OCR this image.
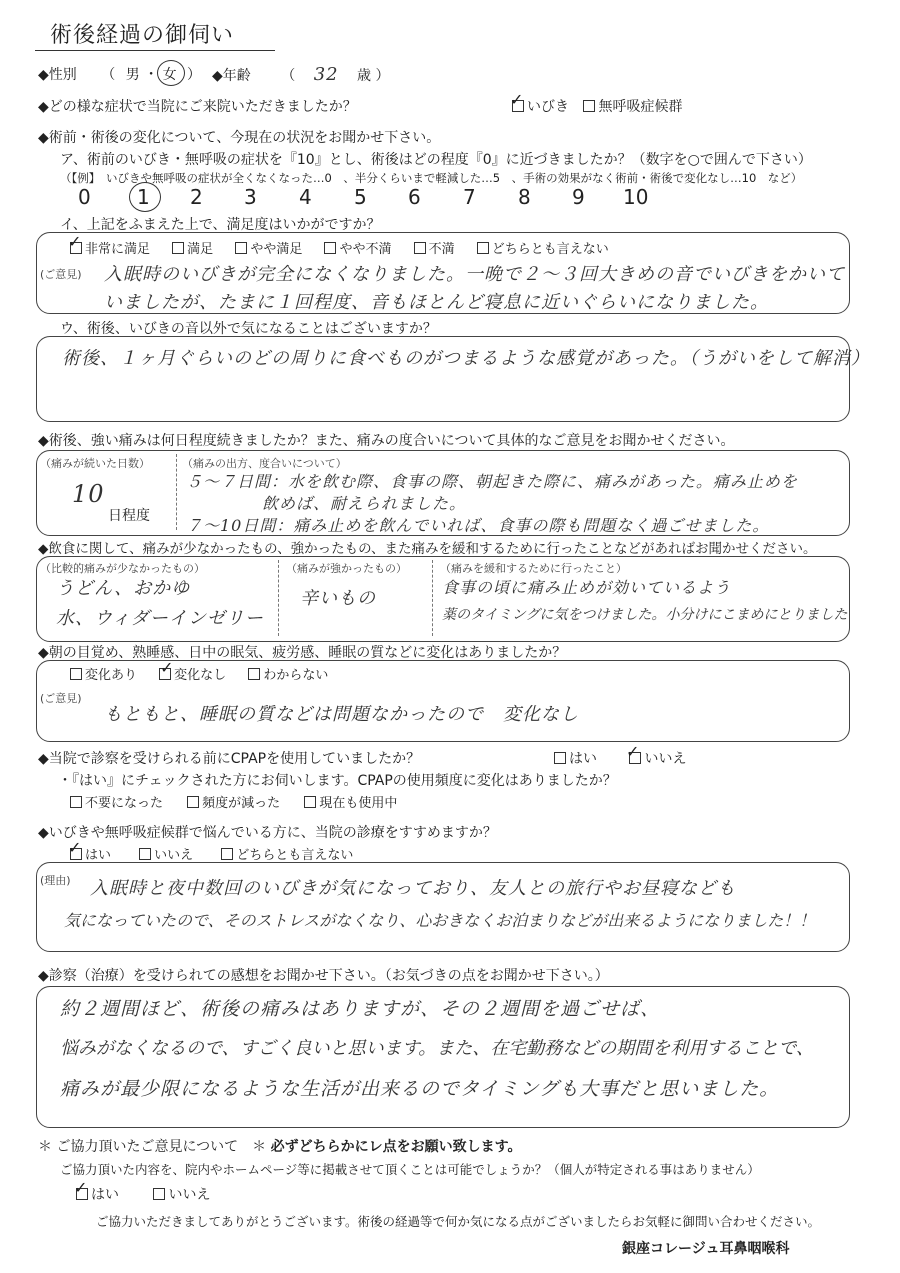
術後経過の御伺い
◆性別 （ 男 ・ 女 ） ◆年齢 （ 32 歳 ）
◆どの様な症状で当院にご来院いただきましたか？	いびき 無呼吸症候群
✓
◆術前・術後の変化について、今現在の状況をお聞かせ下さい。
ア、術前のいびき・無呼吸の症状を『10』とし、術後はどの程度『0』に近づきましたか？（数字を○で囲んで下さい）
（【例】　いびきや無呼吸の症状が全くなくなった…0　、半分くらいまで軽減した…5　、手術の効果がなく術前・術後で変化なし…10　など）
0 1 2 3 4 5 6 7 8 9 10
イ、上記をふまえた上で、満足度はいかがですか？
非常に満足	満足	やや満足	やや不満	不満	どちらとも言えない
✓
(ご意見) 入眠時のいびきが完全になくなりました。一晩で２〜３回大きめの音でいびきをかいて
いましたが、たまに１回程度、音もほとんど寝息に近いぐらいになりました。
ウ、術後、いびきの音以外で気になることはございますか？
術後、１ヶ月ぐらいのどの周りに食べものがつまるような感覚があった。（うがいをして解消）
◆術後、強い痛みは何日程度続きましたか？また、痛みの度合いについて具体的なご意見をお聞かせください。
（痛みが続いた日数）
10
日程度
（痛みの出方、度合いについて）
５〜７日間：水を飲む際、食事の際、朝起きた際に、痛みがあった。痛み止めを
飲めば、耐えられました。
７〜10日間：痛み止めを飲んでいれば、食事の際も問題なく過ごせました。
◆飲食に関して、痛みが少なかったもの、強かったもの、また痛みを緩和するために行ったことなどがあればお聞かせください。
（比較的痛みが少なかったもの）
うどん、おかゆ
水、ウィダーインゼリー
（痛みが強かったもの）
辛いもの
（痛みを緩和するために行ったこと）
食事の頃に痛み止めが効いているよう
薬のタイミングに気をつけました。小分けにこまめにとりました
◆朝の目覚め、熟睡感、日中の眠気、疲労感、睡眠の質などに変化はありましたか？
変化あり	変化なし	わからない
✓
(ご意見)
もともと、睡眠の質などは問題なかったので　変化なし
◆当院で診察を受けられる前にCPAPを使用していましたか？	はい	いいえ
✓
・『はい』にチェックされた方にお伺いします。CPAPの使用頻度に変化はありましたか？
不要になった	頻度が減った	現在も使用中
◆いびきや無呼吸症候群で悩んでいる方に、当院の診療をすすめますか？
はい	いいえ	どちらとも言えない
✓
(理由) 入眠時と夜中数回のいびきが気になっており、友人との旅行やお昼寝なども
気になっていたので、そのストレスがなくなり、心おきなくお泊まりなどが出来るようになりました！！
◆診察（治療）を受けられての感想をお聞かせ下さい。（お気づきの点をお聞かせ下さい。）
約２週間ほど、術後の痛みはありますが、その２週間を過ごせば、
悩みがなくなるので、すごく良いと思います。また、在宅勤務などの期間を利用することで、
痛みが最少限になるような生活が出来るのでタイミングも大事だと思いました。
＊ ご協力頂いたご意見について　＊ 必ずどちらかにレ点をお願い致します。
ご協力頂いた内容を、院内やホームページ等に掲載させて頂くことは可能でしょうか？（個人が特定される事はありません）
はい	いいえ
✓
ご協力いただきましてありがとうございます。術後の経過等で何か気になる点がございましたらお気軽に御問い合わせください。
銀座コレージュ耳鼻咽喉科
